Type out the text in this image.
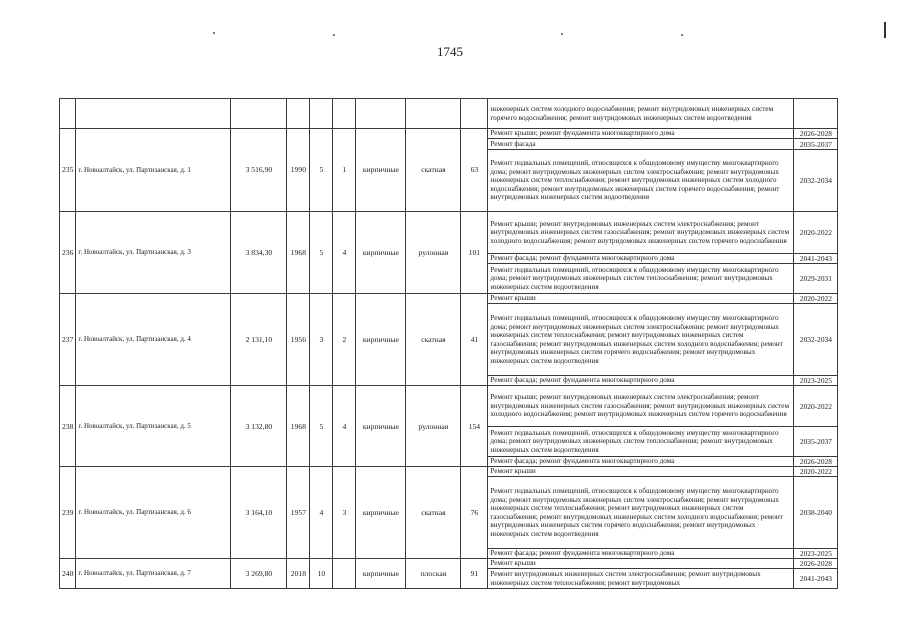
1745
									инженерных систем холодного водоснабжения; ремонт внутридомовых инженерных систем горячего водоснабжения; ремонт внутридомовых инженерных систем водоотведения	
235	г. Новоалтайск, ул. Партизанская, д. 1	3 516,90	1990	5	1	кирпичные	скатная	63	Ремонт крыши; ремонт фундамента многоквартирного дома	2026-2028
									Ремонт фасада	2035-2037
									Ремонт подвальных помещений, относящихся к общедомовому имуществу многоквартирного дома; ремонт внутридомовых инженерных систем электроснабжения; ремонт внутридомовых инженерных систем теплоснабжения; ремонт внутридомовых инженерных систем холодного водоснабжения; ремонт внутридомовых инженерных систем горячего водоснабжения; ремонт внутридомовых инженерных систем водоотведения	2032-2034
236	г. Новоалтайск, ул. Партизанская, д. 3	3 834,30	1968	5	4	кирпичные	рулонная	101	Ремонт крыши; ремонт внутридомовых инженерных систем электроснабжения; ремонт внутридомовых инженерных систем газоснабжения; ремонт внутридомовых инженерных систем холодного водоснабжения; ремонт внутридомовых инженерных систем горячего водоснабжения	2020-2022
									Ремонт фасада; ремонт фундамента многоквартирного дома	2041-2043
									Ремонт подвальных помещений, относящихся к общедомовому имуществу многоквартирного дома; ремонт внутридомовых инженерных систем теплоснабжения; ремонт внутридомовых инженерных систем водоотведения	2029-2031
237	г. Новоалтайск, ул. Партизанская, д. 4	2 131,10	1956	3	2	кирпичные	скатная	41	Ремонт крыши	2020-2022
									Ремонт подвальных помещений, относящихся к общедомовому имуществу многоквартирного дома; ремонт внутридомовых инженерных систем электроснабжения; ремонт внутридомовых инженерных систем теплоснабжения; ремонт внутридомовых инженерных систем газоснабжения; ремонт внутридомовых инженерных систем холодного водоснабжения; ремонт внутридомовых инженерных систем горячего водоснабжения; ремонт внутридомовых инженерных систем водоотведения	2032-2034
									Ремонт фасада; ремонт фундамента многоквартирного дома	2023-2025
238	г. Новоалтайск, ул. Партизанская, д. 5	3 132,80	1968	5	4	кирпичные	рулонная	154	Ремонт крыши; ремонт внутридомовых инженерных систем электроснабжения; ремонт внутридомовых инженерных систем газоснабжения; ремонт внутридомовых инженерных систем холодного водоснабжения; ремонт внутридомовых инженерных систем горячего водоснабжения	2020-2022
									Ремонт подвальных помещений, относящихся к общедомовому имуществу многоквартирного дома; ремонт внутридомовых инженерных систем теплоснабжения; ремонт внутридомовых инженерных систем водоотведения	2035-2037
									Ремонт фасада; ремонт фундамента многоквартирного дома	2026-2028
239	г. Новоалтайск, ул. Партизанская, д. 6	3 164,10	1957	4	3	кирпичные	скатная	76	Ремонт крыши	2020-2022
									Ремонт подвальных помещений, относящихся к общедомовому имуществу многоквартирного дома; ремонт внутридомовых инженерных систем электроснабжения; ремонт внутридомовых инженерных систем теплоснабжения; ремонт внутридомовых инженерных систем газоснабжения; ремонт внутридомовых инженерных систем холодного водоснабжения; ремонт внутридомовых инженерных систем горячего водоснабжения; ремонт внутридомовых инженерных систем водоотведения	2038-2040
									Ремонт фасада; ремонт фундамента многоквартирного дома	2023-2025
240	г. Новоалтайск, ул. Партизанская, д. 7	3 269,80	2018	10		кирпичные	плоская	91	Ремонт крыши	2026-2028
									Ремонт внутридомовых инженерных систем электроснабжения; ремонт внутридомовых инженерных систем теплоснабжения; ремонт внутридомовых	2041-2043
